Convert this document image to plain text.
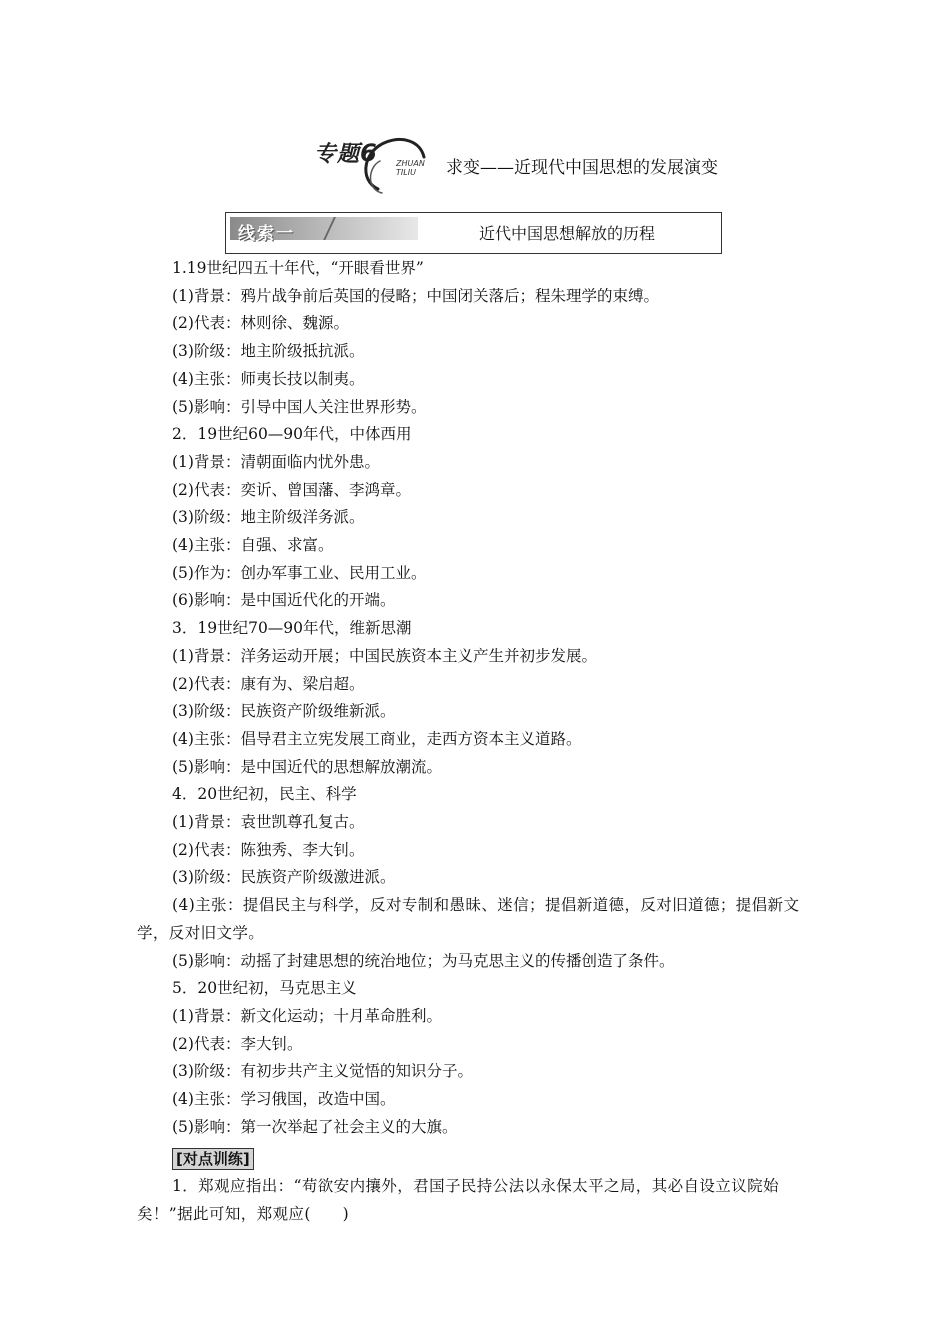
专题6 ZHUAN
TILIU	求变——近现代中国思想的发展演变
线索一	近代中国思想解放的历程
1.19世纪四五十年代，“开眼看世界”
(1)背景：鸦片战争前后英国的侵略；中国闭关落后；程朱理学的束缚。
(2)代表：林则徐、魏源。
(3)阶级：地主阶级抵抗派。
(4)主张：师夷长技以制夷。
(5)影响：引导中国人关注世界形势。
2．19世纪60—90年代，中体西用
(1)背景：清朝面临内忧外患。
(2)代表：奕䜣、曾国藩、李鸿章。
(3)阶级：地主阶级洋务派。
(4)主张：自强、求富。
(5)作为：创办军事工业、民用工业。
(6)影响：是中国近代化的开端。
3．19世纪70—90年代，维新思潮
(1)背景：洋务运动开展；中国民族资本主义产生并初步发展。
(2)代表：康有为、梁启超。
(3)阶级：民族资产阶级维新派。
(4)主张：倡导君主立宪发展工商业，走西方资本主义道路。
(5)影响：是中国近代的思想解放潮流。
4．20世纪初，民主、科学
(1)背景：袁世凯尊孔复古。
(2)代表：陈独秀、李大钊。
(3)阶级：民族资产阶级激进派。
(4)主张：提倡民主与科学，反对专制和愚昧、迷信；提倡新道德，反对旧道德；提倡新文学，反对旧文学。
(5)影响：动摇了封建思想的统治地位；为马克思主义的传播创造了条件。
5．20世纪初，马克思主义
(1)背景：新文化运动；十月革命胜利。
(2)代表：李大钊。
(3)阶级：有初步共产主义觉悟的知识分子。
(4)主张：学习俄国，改造中国。
(5)影响：第一次举起了社会主义的大旗。
[对点训练]
1．郑观应指出：“苟欲安内攘外，君国子民持公法以永保太平之局，其必自设立议院始矣！”据此可知，郑观应(　　)
